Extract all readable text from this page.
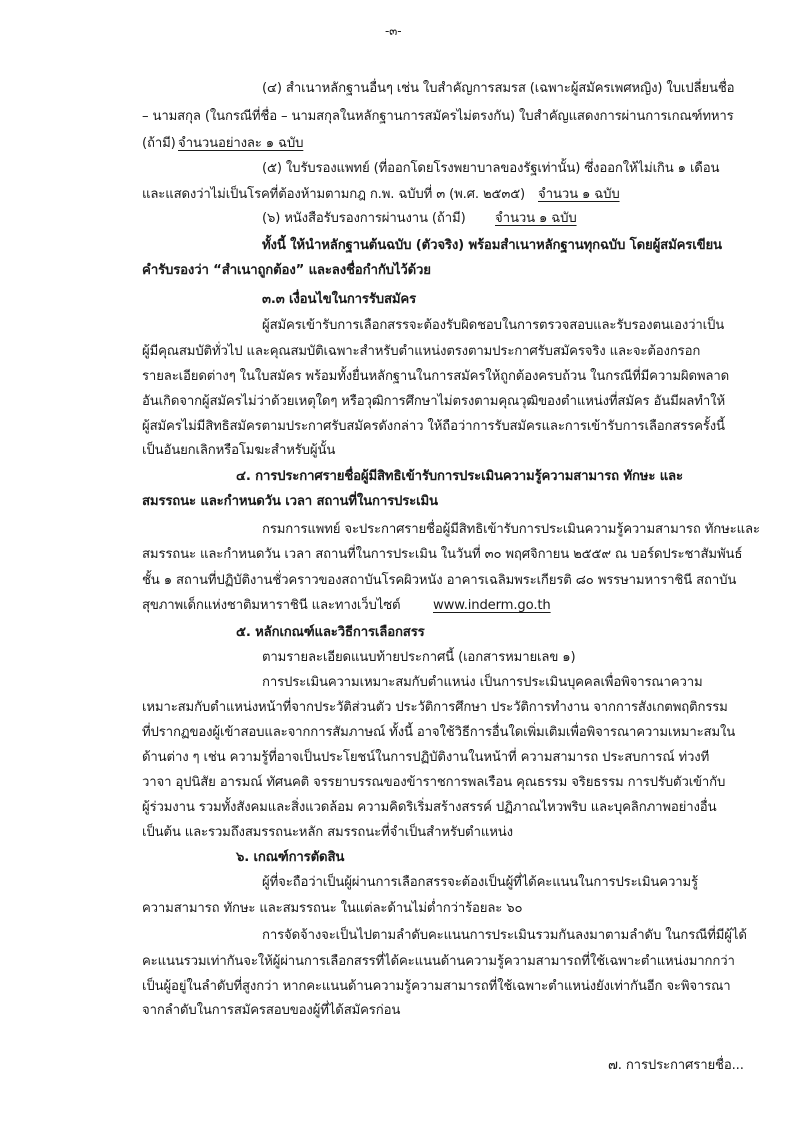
-๓-
(๔) สำเนาหลักฐานอื่นๆ เช่น ใบสำคัญการสมรส (เฉพาะผู้สมัครเพศหญิง) ใบเปลี่ยนชื่อ
– นามสกุล (ในกรณีที่ชื่อ – นามสกุลในหลักฐานการสมัครไม่ตรงกัน) ใบสำคัญแสดงการผ่านการเกณฑ์ทหาร
(ถ้ามี) จำนวนอย่างละ ๑ ฉบับ
(๕) ใบรับรองแพทย์ (ที่ออกโดยโรงพยาบาลของรัฐเท่านั้น) ซึ่งออกให้ไม่เกิน ๑ เดือน
และแสดงว่าไม่เป็นโรคที่ต้องห้ามตามกฎ ก.พ. ฉบับที่ ๓ (พ.ศ. ๒๕๓๕) จำนวน ๑ ฉบับ
(๖) หนังสือรับรองการผ่านงาน (ถ้ามี) จำนวน ๑ ฉบับ
ทั้งนี้ ให้นำหลักฐานต้นฉบับ (ตัวจริง) พร้อมสำเนาหลักฐานทุกฉบับ โดยผู้สมัครเขียน
คำรับรองว่า “สำเนาถูกต้อง” และลงชื่อกำกับไว้ด้วย
๓.๓ เงื่อนไขในการรับสมัคร
ผู้สมัครเข้ารับการเลือกสรรจะต้องรับผิดชอบในการตรวจสอบและรับรองตนเองว่าเป็น
ผู้มีคุณสมบัติทั่วไป และคุณสมบัติเฉพาะสำหรับตำแหน่งตรงตามประกาศรับสมัครจริง และจะต้องกรอก
รายละเอียดต่างๆ ในใบสมัคร พร้อมทั้งยื่นหลักฐานในการสมัครให้ถูกต้องครบถ้วน ในกรณีที่มีความผิดพลาด
อันเกิดจากผู้สมัครไม่ว่าด้วยเหตุใดๆ หรือวุฒิการศึกษาไม่ตรงตามคุณวุฒิของตำแหน่งที่สมัคร อันมีผลทำให้
ผู้สมัครไม่มีสิทธิสมัครตามประกาศรับสมัครดังกล่าว ให้ถือว่าการรับสมัครและการเข้ารับการเลือกสรรครั้งนี้
เป็นอันยกเลิกหรือโมฆะสำหรับผู้นั้น
๔. การประกาศรายชื่อผู้มีสิทธิเข้ารับการประเมินความรู้ความสามารถ ทักษะ และ
สมรรถนะ และกำหนดวัน เวลา สถานที่ในการประเมิน
กรมการแพทย์ จะประกาศรายชื่อผู้มีสิทธิเข้ารับการประเมินความรู้ความสามารถ ทักษะและ
สมรรถนะ และกำหนดวัน เวลา สถานที่ในการประเมิน ในวันที่ ๓๐ พฤศจิกายน ๒๕๕๙ ณ บอร์ดประชาสัมพันธ์
ชั้น ๑ สถานที่ปฏิบัติงานชั่วคราวของสถาบันโรคผิวหนัง อาคารเฉลิมพระเกียรติ ๘๐ พรรษามหาราชินี สถาบัน
สุขภาพเด็กแห่งชาติมหาราชินี และทางเว็บไซต์ www.inderm.go.th
๕. หลักเกณฑ์และวิธีการเลือกสรร
ตามรายละเอียดแนบท้ายประกาศนี้ (เอกสารหมายเลข ๑)
การประเมินความเหมาะสมกับตำแหน่ง เป็นการประเมินบุคคลเพื่อพิจารณาความ
เหมาะสมกับตำแหน่งหน้าที่จากประวัติส่วนตัว ประวัติการศึกษา ประวัติการทำงาน จากการสังเกตพฤติกรรม
ที่ปรากฏของผู้เข้าสอบและจากการสัมภาษณ์ ทั้งนี้ อาจใช้วิธีการอื่นใดเพิ่มเติมเพื่อพิจารณาความเหมาะสมใน
ด้านต่าง ๆ เช่น ความรู้ที่อาจเป็นประโยชน์ในการปฏิบัติงานในหน้าที่ ความสามารถ ประสบการณ์ ท่วงที
วาจา อุปนิสัย อารมณ์ ทัศนคติ จรรยาบรรณของข้าราชการพลเรือน คุณธรรม จริยธรรม การปรับตัวเข้ากับ
ผู้ร่วมงาน รวมทั้งสังคมและสิ่งแวดล้อม ความคิดริเริ่มสร้างสรรค์ ปฏิภาณไหวพริบ และบุคลิกภาพอย่างอื่น
เป็นต้น และรวมถึงสมรรถนะหลัก สมรรถนะที่จำเป็นสำหรับตำแหน่ง
๖. เกณฑ์การตัดสิน
ผู้ที่จะถือว่าเป็นผู้ผ่านการเลือกสรรจะต้องเป็นผู้ที่ได้คะแนนในการประเมินความรู้
ความสามารถ ทักษะ และสมรรถนะ ในแต่ละด้านไม่ต่ำกว่าร้อยละ ๖๐
การจัดจ้างจะเป็นไปตามลำดับคะแนนการประเมินรวมกันลงมาตามลำดับ ในกรณีที่มีผู้ได้
คะแนนรวมเท่ากันจะให้ผู้ผ่านการเลือกสรรที่ได้คะแนนด้านความรู้ความสามารถที่ใช้เฉพาะตำแหน่งมากกว่า
เป็นผู้อยู่ในลำดับที่สูงกว่า หากคะแนนด้านความรู้ความสามารถที่ใช้เฉพาะตำแหน่งยังเท่ากันอีก จะพิจารณา
จากลำดับในการสมัครสอบของผู้ที่ได้สมัครก่อน
๗. การประกาศรายชื่อ...
